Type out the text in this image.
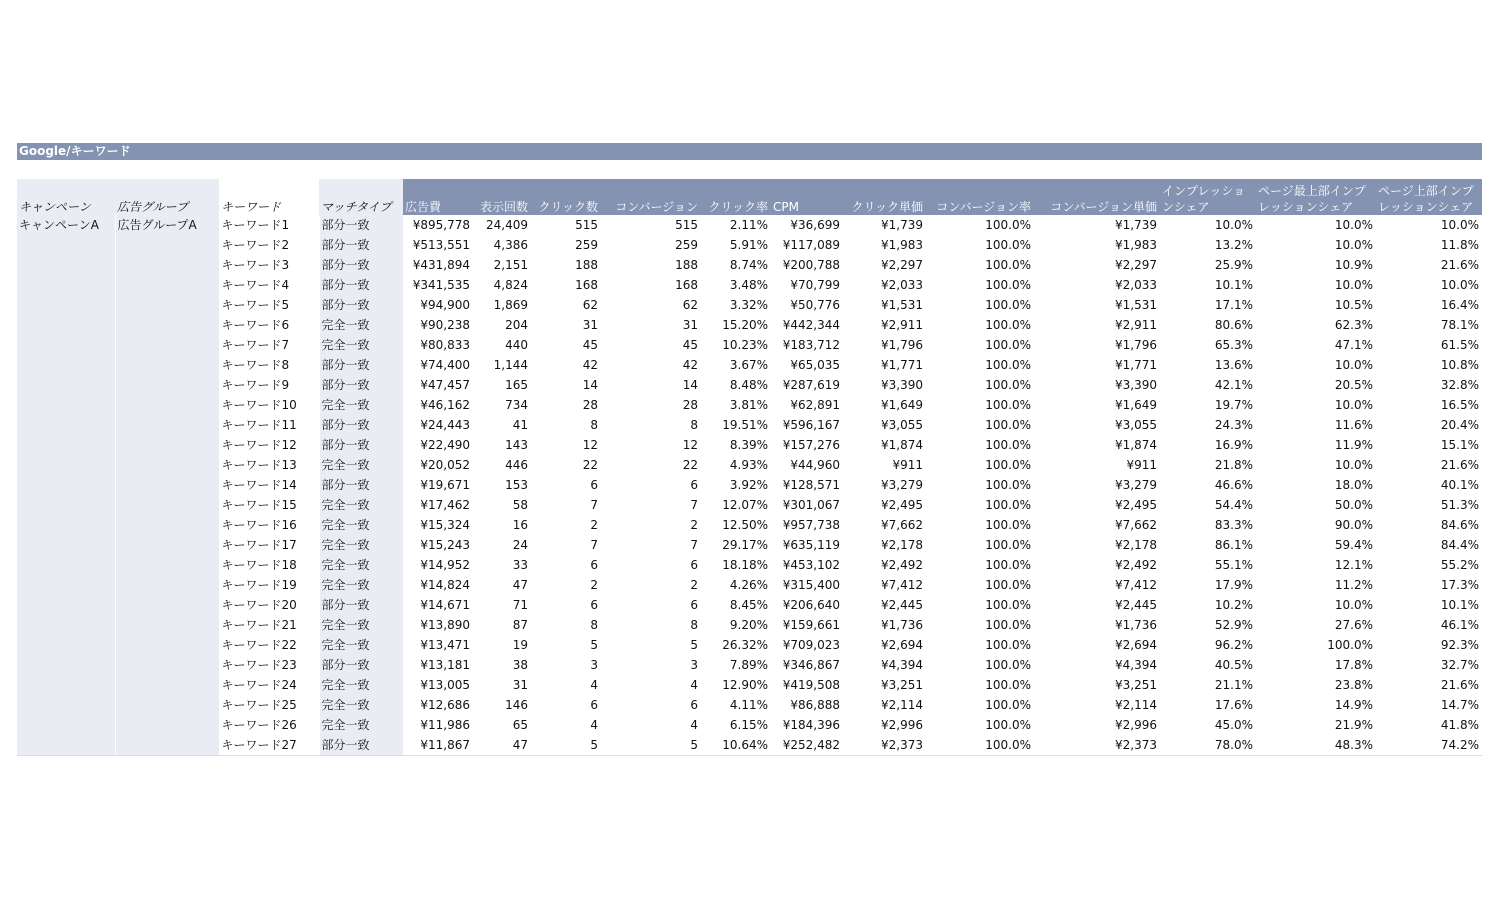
Google/キーワード
キャンペーン	広告グループ	キーワード	マッチタイプ	広告費	表示回数	クリック数	コンバージョン	クリック率	CPM	クリック単価	コンバージョン率	コンバージョン単価	インプレッションシェア	ページ最上部インプレッションシェア	ページ上部インプレッションシェア
キャンペーンA	広告グループA	キーワード1	部分一致	¥895,778	24,409	515	515	2.11%	¥36,699	¥1,739	100.0%	¥1,739	10.0%	10.0%	10.0%
		キーワード2	部分一致	¥513,551	4,386	259	259	5.91%	¥117,089	¥1,983	100.0%	¥1,983	13.2%	10.0%	11.8%
		キーワード3	部分一致	¥431,894	2,151	188	188	8.74%	¥200,788	¥2,297	100.0%	¥2,297	25.9%	10.9%	21.6%
		キーワード4	部分一致	¥341,535	4,824	168	168	3.48%	¥70,799	¥2,033	100.0%	¥2,033	10.1%	10.0%	10.0%
		キーワード5	部分一致	¥94,900	1,869	62	62	3.32%	¥50,776	¥1,531	100.0%	¥1,531	17.1%	10.5%	16.4%
		キーワード6	完全一致	¥90,238	204	31	31	15.20%	¥442,344	¥2,911	100.0%	¥2,911	80.6%	62.3%	78.1%
		キーワード7	完全一致	¥80,833	440	45	45	10.23%	¥183,712	¥1,796	100.0%	¥1,796	65.3%	47.1%	61.5%
		キーワード8	部分一致	¥74,400	1,144	42	42	3.67%	¥65,035	¥1,771	100.0%	¥1,771	13.6%	10.0%	10.8%
		キーワード9	部分一致	¥47,457	165	14	14	8.48%	¥287,619	¥3,390	100.0%	¥3,390	42.1%	20.5%	32.8%
		キーワード10	完全一致	¥46,162	734	28	28	3.81%	¥62,891	¥1,649	100.0%	¥1,649	19.7%	10.0%	16.5%
		キーワード11	部分一致	¥24,443	41	8	8	19.51%	¥596,167	¥3,055	100.0%	¥3,055	24.3%	11.6%	20.4%
		キーワード12	部分一致	¥22,490	143	12	12	8.39%	¥157,276	¥1,874	100.0%	¥1,874	16.9%	11.9%	15.1%
		キーワード13	完全一致	¥20,052	446	22	22	4.93%	¥44,960	¥911	100.0%	¥911	21.8%	10.0%	21.6%
		キーワード14	部分一致	¥19,671	153	6	6	3.92%	¥128,571	¥3,279	100.0%	¥3,279	46.6%	18.0%	40.1%
		キーワード15	完全一致	¥17,462	58	7	7	12.07%	¥301,067	¥2,495	100.0%	¥2,495	54.4%	50.0%	51.3%
		キーワード16	完全一致	¥15,324	16	2	2	12.50%	¥957,738	¥7,662	100.0%	¥7,662	83.3%	90.0%	84.6%
		キーワード17	完全一致	¥15,243	24	7	7	29.17%	¥635,119	¥2,178	100.0%	¥2,178	86.1%	59.4%	84.4%
		キーワード18	完全一致	¥14,952	33	6	6	18.18%	¥453,102	¥2,492	100.0%	¥2,492	55.1%	12.1%	55.2%
		キーワード19	完全一致	¥14,824	47	2	2	4.26%	¥315,400	¥7,412	100.0%	¥7,412	17.9%	11.2%	17.3%
		キーワード20	部分一致	¥14,671	71	6	6	8.45%	¥206,640	¥2,445	100.0%	¥2,445	10.2%	10.0%	10.1%
		キーワード21	完全一致	¥13,890	87	8	8	9.20%	¥159,661	¥1,736	100.0%	¥1,736	52.9%	27.6%	46.1%
		キーワード22	完全一致	¥13,471	19	5	5	26.32%	¥709,023	¥2,694	100.0%	¥2,694	96.2%	100.0%	92.3%
		キーワード23	部分一致	¥13,181	38	3	3	7.89%	¥346,867	¥4,394	100.0%	¥4,394	40.5%	17.8%	32.7%
		キーワード24	完全一致	¥13,005	31	4	4	12.90%	¥419,508	¥3,251	100.0%	¥3,251	21.1%	23.8%	21.6%
		キーワード25	完全一致	¥12,686	146	6	6	4.11%	¥86,888	¥2,114	100.0%	¥2,114	17.6%	14.9%	14.7%
		キーワード26	完全一致	¥11,986	65	4	4	6.15%	¥184,396	¥2,996	100.0%	¥2,996	45.0%	21.9%	41.8%
		キーワード27	部分一致	¥11,867	47	5	5	10.64%	¥252,482	¥2,373	100.0%	¥2,373	78.0%	48.3%	74.2%
